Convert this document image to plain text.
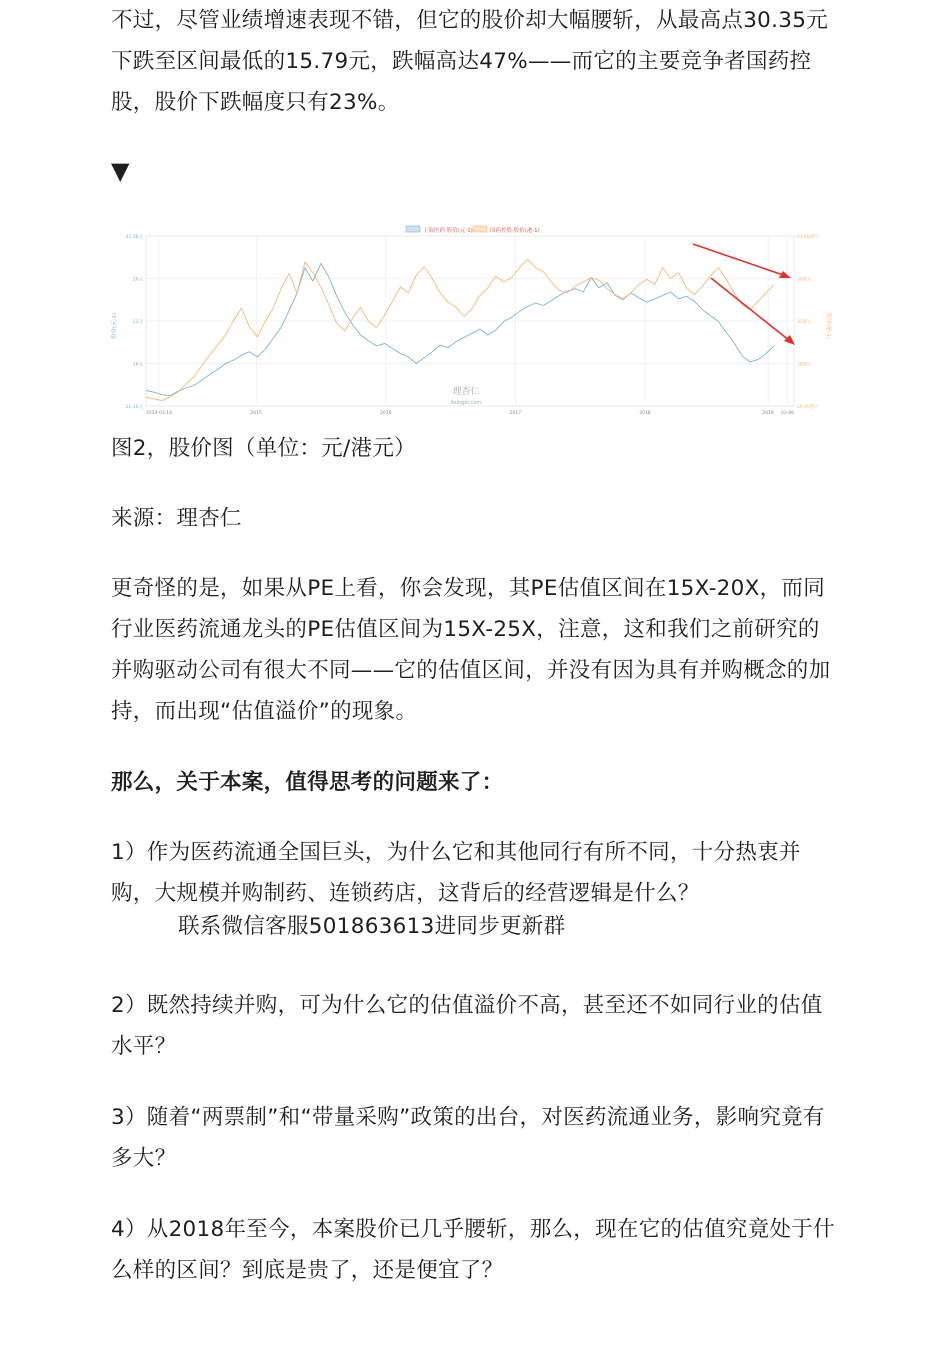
不过，尽管业绩增速表现不错，但它的股价却大幅腰斩，从最高点30.35元下跌至区间最低的15.79元，跌幅高达47%——而它的主要竞争者国药控股，股价下跌幅度只有23%。

▼
31.36元	42.68港元
26元	38港元
21元	33港元
16元	28港元
11.16元	19.05港元
2014-03-14	2015	2016	2017	2018	2019 03-08
理杏仁
lixinger.com
上海医药·股价(元·1)	国药控股·股价(港·1)
股价(元·1)	股价(港·1)

图2，股价图（单位：元/港元）

来源：理杏仁

更奇怪的是，如果从PE上看，你会发现，其PE估值区间在15X-20X，而同行业医药流通龙头的PE估值区间为15X-25X，注意，这和我们之前研究的并购驱动公司有很大不同——它的估值区间，并没有因为具有并购概念的加持，而出现“估值溢价”的现象。

那么，关于本案，值得思考的问题来了：

1）作为医药流通全国巨头，为什么它和其他同行有所不同，十分热衷并购，大规模并购制药、连锁药店，这背后的经营逻辑是什么？

联系微信客服501863613进同步更新群

2）既然持续并购，可为什么它的估值溢价不高，甚至还不如同行业的估值水平？

3）随着“两票制”和“带量采购”政策的出台，对医药流通业务，影响究竟有多大？

4）从2018年至今，本案股价已几乎腰斩，那么，现在它的估值究竟处于什么样的区间？到底是贵了，还是便宜了？
